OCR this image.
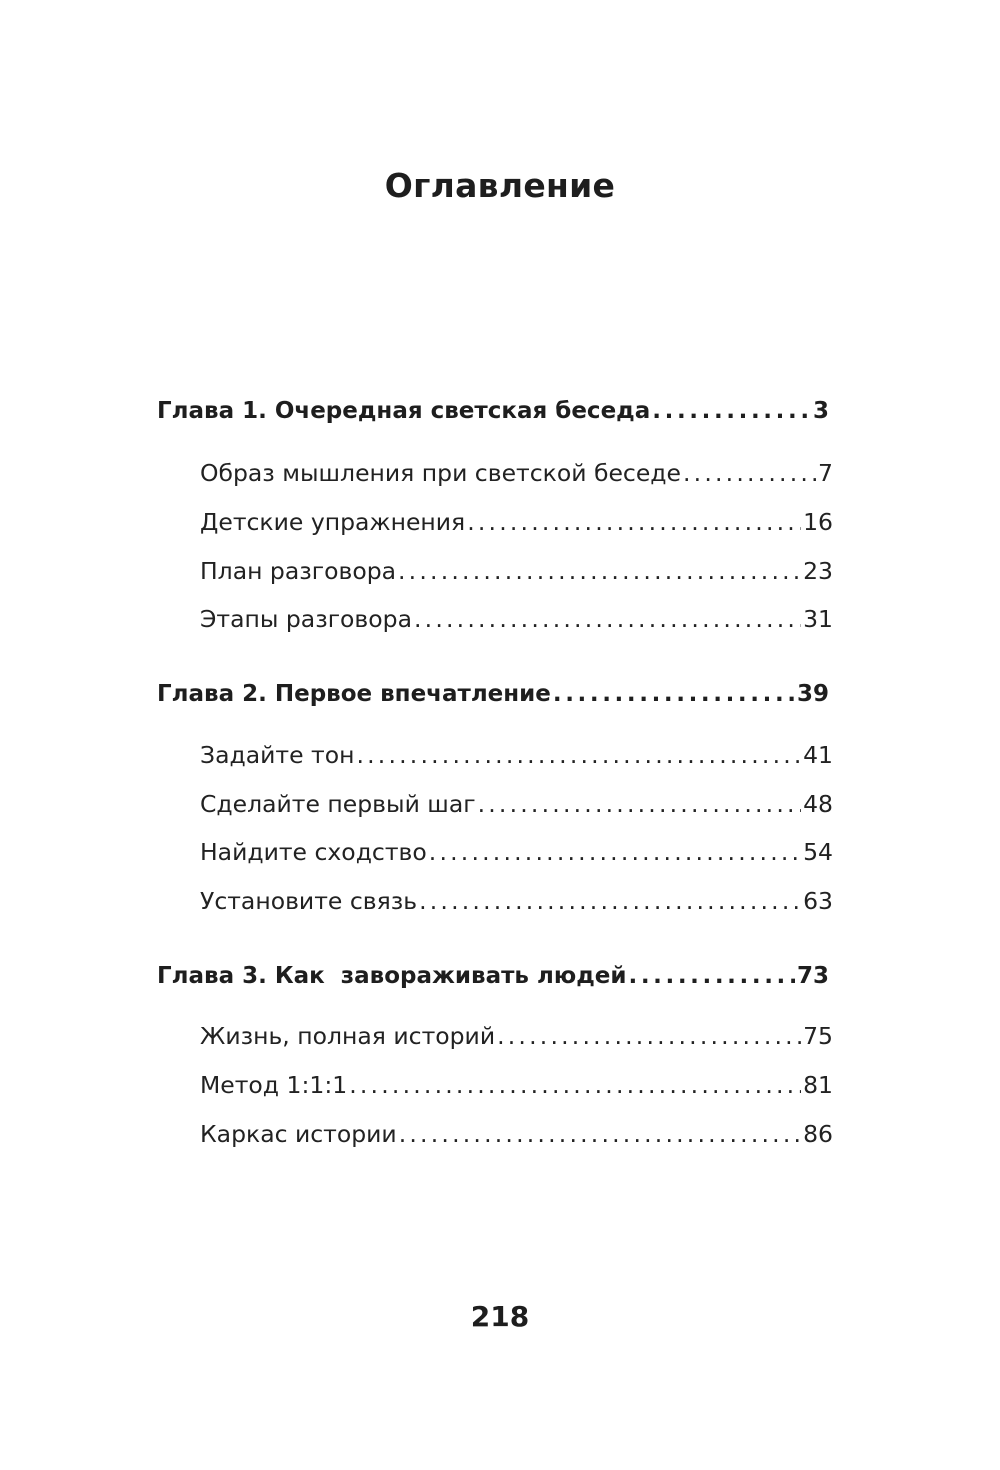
Оглавление
Глава 1. Очередная светская беседа .....	3
Образ мышления при светской беседе .....	7
Детские упражнения .....	16
План разговора .....	23
Этапы разговора .....	31
Глава 2. Первое впечатление .....	39
Задайте тон .....	41
Сделайте первый шаг .....	48
Найдите сходство .....	54
Установите связь .....	63
Глава 3. Как  завораживать людей .....	73
Жизнь, полная историй .....	75
Метод 1:1:1 .....	81
Каркас истории .....	86
218
